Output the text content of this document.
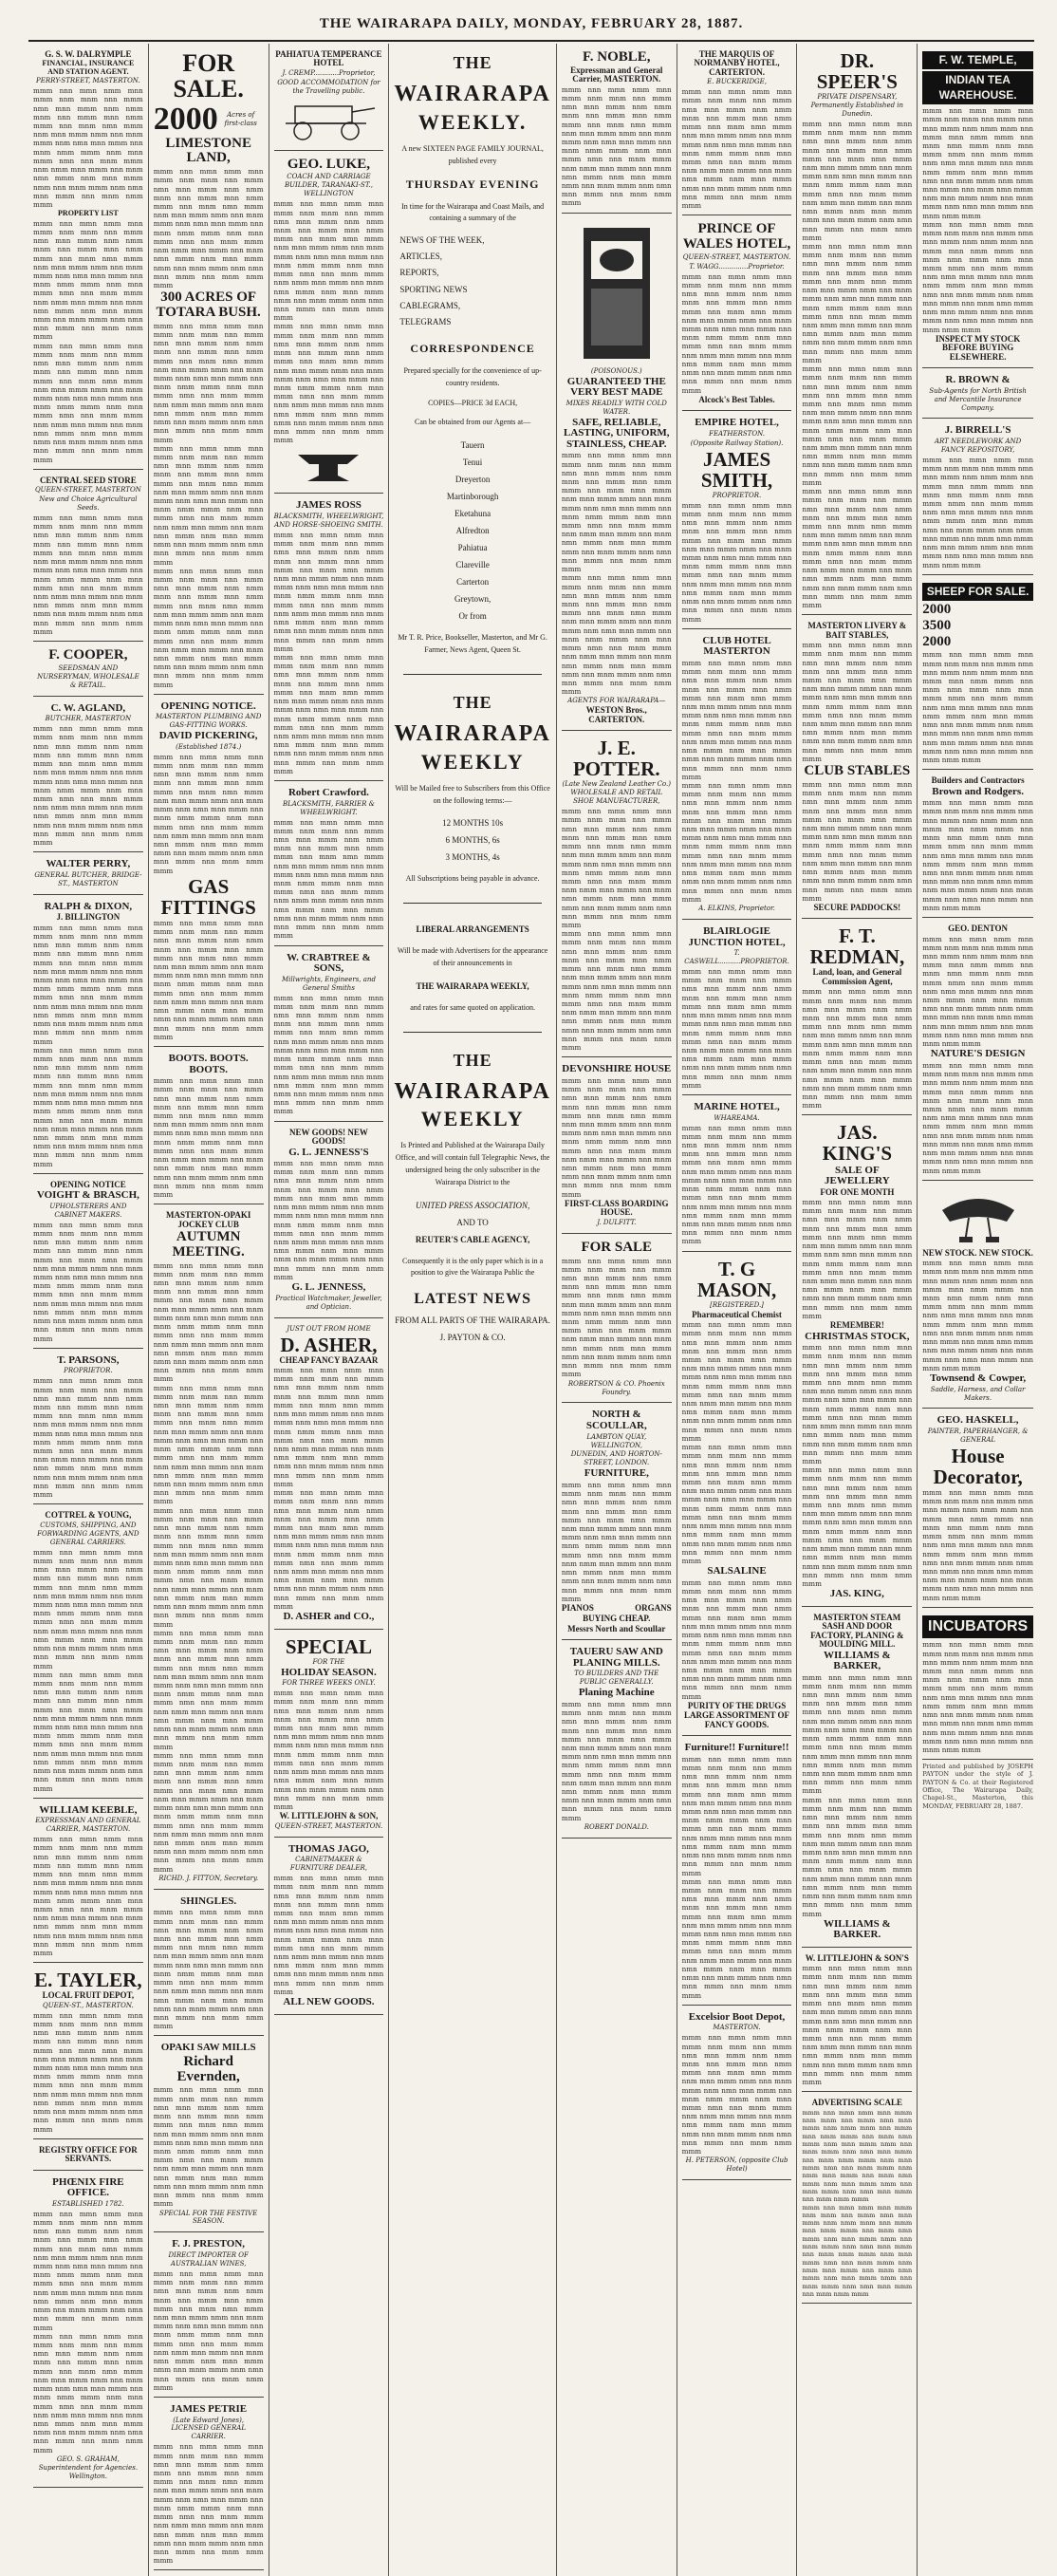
THE WAIRARAPA DAILY, MONDAY, FEBRUARY 28, 1887.
G. S. W. DALRYMPLE
FINANCIAL, INSURANCE AND STATION AGENT.
PERRY-STREET, MASTERTON.
mmm nnn mmn nmm mnn mmm nnm mnm nnn mmm nmn mnn mmm nnm nmm mnm nnn mmm mnn nmm mmm nnn mnm nmn mmm nnm mnn mmm nmm nnn mnm mmm nnm nmn mnn mmm nnn mnm nmm mmm nnm mnn mmm nmn nnn mnm mmm nnm nmm mnn mmm nnn mnm nmn mmm nnm mnn mmm nmm nnn mnm mmm nnm nmn mnn mmm nnn mnm nmm mmm
PROPERTY LIST
mmm nnn mmn nmm mnn mmm nnm mnm nnn mmm nmn mnn mmm nnm nmm mnm nnn mmm mnn nmm mmm nnn mnm nmn mmm nnm mnn mmm nmm nnn mnm mmm nnm nmn mnn mmm nnn mnm nmm mmm nnm mnn mmm nmn nnn mnm mmm nnm nmm mnn mmm nnn mnm nmn mmm nnm mnn mmm nmm nnn mnm mmm nnm nmn mnn mmm nnn mnm nmm mmm
mmm nnn mmn nmm mnn mmm nnm mnm nnn mmm nmn mnn mmm nnm nmm mnm nnn mmm mnn nmm mmm nnn mnm nmn mmm nnm mnn mmm nmm nnn mnm mmm nnm nmn mnn mmm nnn mnm nmm mmm nnm mnn mmm nmn nnn mnm mmm nnm nmm mnn mmm nnn mnm nmn mmm nnm mnn mmm nmm nnn mnm mmm nnm nmn mnn mmm nnn mnm nmm mmm
CENTRAL SEED STORE
QUEEN-STREET, MASTERTON
New and Choice Agricultural Seeds.
mmm nnn mmn nmm mnn mmm nnm mnm nnn mmm nmn mnn mmm nnm nmm mnm nnn mmm mnn nmm mmm nnn mnm nmn mmm nnm mnn mmm nmm nnn mnm mmm nnm nmn mnn mmm nnn mnm nmm mmm nnm mnn mmm nmn nnn mnm mmm nnm nmm mnn mmm nnn mnm nmn mmm nnm mnn mmm nmm nnn mnm mmm nnm nmn mnn mmm nnn mnm nmm mmm
F. COOPER,
SEEDSMAN AND NURSERYMAN, WHOLESALE & RETAIL.
C. W. AGLAND,
BUTCHER, MASTERTON
mmm nnn mmn nmm mnn mmm nnm mnm nnn mmm nmn mnn mmm nnm nmm mnm nnn mmm mnn nmm mmm nnn mnm nmn mmm nnm mnn mmm nmm nnn mnm mmm nnm nmn mnn mmm nnn mnm nmm mmm nnm mnn mmm nmn nnn mnm mmm nnm nmm mnn mmm nnn mnm nmn mmm nnm mnn mmm nmm nnn mnm mmm nnm nmn mnn mmm nnn mnm nmm mmm
WALTER PERRY,
GENERAL BUTCHER, BRIDGE-ST., MASTERTON
RALPH & DIXON,
J. BILLINGTON
mmm nnn mmn nmm mnn mmm nnm mnm nnn mmm nmn mnn mmm nnm nmm mnm nnn mmm mnn nmm mmm nnn mnm nmn mmm nnm mnn mmm nmm nnn mnm mmm nnm nmn mnn mmm nnn mnm nmm mmm nnm mnn mmm nmn nnn mnm mmm nnm nmm mnn mmm nnn mnm nmn mmm nnm mnn mmm nmm nnn mnm mmm nnm nmn mnn mmm nnn mnm nmm mmm
mmm nnn mmn nmm mnn mmm nnm mnm nnn mmm nmn mnn mmm nnm nmm mnm nnn mmm mnn nmm mmm nnn mnm nmn mmm nnm mnn mmm nmm nnn mnm mmm nnm nmn mnn mmm nnn mnm nmm mmm nnm mnn mmm nmn nnn mnm mmm nnm nmm mnn mmm nnn mnm nmn mmm nnm mnn mmm nmm nnn mnm mmm nnm nmn mnn mmm nnn mnm nmm mmm
OPENING NOTICE
VOIGHT & BRASCH,
UPHOLSTERERS AND CABINET MAKERS.
mmm nnn mmn nmm mnn mmm nnm mnm nnn mmm nmn mnn mmm nnm nmm mnm nnn mmm mnn nmm mmm nnn mnm nmn mmm nnm mnn mmm nmm nnn mnm mmm nnm nmn mnn mmm nnn mnm nmm mmm nnm mnn mmm nmn nnn mnm mmm nnm nmm mnn mmm nnn mnm nmn mmm nnm mnn mmm nmm nnn mnm mmm nnm nmn mnn mmm nnn mnm nmm mmm
T. PARSONS,
PROPRIETOR.
mmm nnn mmn nmm mnn mmm nnm mnm nnn mmm nmn mnn mmm nnm nmm mnm nnn mmm mnn nmm mmm nnn mnm nmn mmm nnm mnn mmm nmm nnn mnm mmm nnm nmn mnn mmm nnn mnm nmm mmm nnm mnn mmm nmn nnn mnm mmm nnm nmm mnn mmm nnn mnm nmn mmm nnm mnn mmm nmm nnn mnm mmm nnm nmn mnn mmm nnn mnm nmm mmm
COTTREL & YOUNG,
CUSTOMS, SHIPPING, AND FORWARDING AGENTS, AND GENERAL CARRIERS.
mmm nnn mmn nmm mnn mmm nnm mnm nnn mmm nmn mnn mmm nnm nmm mnm nnn mmm mnn nmm mmm nnn mnm nmn mmm nnm mnn mmm nmm nnn mnm mmm nnm nmn mnn mmm nnn mnm nmm mmm nnm mnn mmm nmn nnn mnm mmm nnm nmm mnn mmm nnn mnm nmn mmm nnm mnn mmm nmm nnn mnm mmm nnm nmn mnn mmm nnn mnm nmm mmm
mmm nnn mmn nmm mnn mmm nnm mnm nnn mmm nmn mnn mmm nnm nmm mnm nnn mmm mnn nmm mmm nnn mnm nmn mmm nnm mnn mmm nmm nnn mnm mmm nnm nmn mnn mmm nnn mnm nmm mmm nnm mnn mmm nmn nnn mnm mmm nnm nmm mnn mmm nnn mnm nmn mmm nnm mnn mmm nmm nnn mnm mmm nnm nmn mnn mmm nnn mnm nmm mmm
WILLIAM KEEBLE,
EXPRESSMAN AND GENERAL CARRIER, MASTERTON.
mmm nnn mmn nmm mnn mmm nnm mnm nnn mmm nmn mnn mmm nnm nmm mnm nnn mmm mnn nmm mmm nnn mnm nmn mmm nnm mnn mmm nmm nnn mnm mmm nnm nmn mnn mmm nnn mnm nmm mmm nnm mnn mmm nmn nnn mnm mmm nnm nmm mnn mmm nnn mnm nmn mmm nnm mnn mmm nmm nnn mnm mmm nnm nmn mnn mmm nnn mnm nmm mmm
E. TAYLER,
LOCAL FRUIT DEPOT,
QUEEN-ST., MASTERTON.
mmm nnn mmn nmm mnn mmm nnm mnm nnn mmm nmn mnn mmm nnm nmm mnm nnn mmm mnn nmm mmm nnn mnm nmn mmm nnm mnn mmm nmm nnn mnm mmm nnm nmn mnn mmm nnn mnm nmm mmm nnm mnn mmm nmn nnn mnm mmm nnm nmm mnn mmm nnn mnm nmn mmm nnm mnn mmm nmm nnn mnm mmm nnm nmn mnn mmm nnn mnm nmm mmm
REGISTRY OFFICE FOR SERVANTS.
PHŒNIX FIRE OFFICE.
ESTABLISHED 1782.
mmm nnn mmn nmm mnn mmm nnm mnm nnn mmm nmn mnn mmm nnm nmm mnm nnn mmm mnn nmm mmm nnn mnm nmn mmm nnm mnn mmm nmm nnn mnm mmm nnm nmn mnn mmm nnn mnm nmm mmm nnm mnn mmm nmn nnn mnm mmm nnm nmm mnn mmm nnn mnm nmn mmm nnm mnn mmm nmm nnn mnm mmm nnm nmn mnn mmm nnn mnm nmm mmm
mmm nnn mmn nmm mnn mmm nnm mnm nnn mmm nmn mnn mmm nnm nmm mnm nnn mmm mnn nmm mmm nnn mnm nmn mmm nnm mnn mmm nmm nnn mnm mmm nnm nmn mnn mmm nnn mnm nmm mmm nnm mnn mmm nmn nnn mnm mmm nnm nmm mnn mmm nnn mnm nmn mmm nnm mnn mmm nmm nnn mnm mmm nnm nmn mnn mmm nnn mnm nmm mmm
GEO. S. GRAHAM, Superintendent for Agencies. Wellington.
FOR SALE.
2000	Acres of first-class
LIMESTONE LAND,
mmm nnn mmn nmm mnn mmm nnm mnm nnn mmm nmn mnn mmm nnm nmm mnm nnn mmm mnn nmm mmm nnn mnm nmn mmm nnm mnn mmm nmm nnn mnm mmm nnm nmn mnn mmm nnn mnm nmm mmm nnm mnn mmm nmn nnn mnm mmm nnm nmm mnn mmm nnn mnm nmn mmm nnm mnn mmm nmm nnn mnm mmm nnm nmn mnn mmm nnn mnm nmm mmm
300 ACRES OF TOTARA BUSH.
mmm nnn mmn nmm mnn mmm nnm mnm nnn mmm nmn mnn mmm nnm nmm mnm nnn mmm mnn nmm mmm nnn mnm nmn mmm nnm mnn mmm nmm nnn mnm mmm nnm nmn mnn mmm nnn mnm nmm mmm nnm mnn mmm nmn nnn mnm mmm nnm nmm mnn mmm nnn mnm nmn mmm nnm mnn mmm nmm nnn mnm mmm nnm nmn mnn mmm nnn mnm nmm mmm
mmm nnn mmn nmm mnn mmm nnm mnm nnn mmm nmn mnn mmm nnm nmm mnm nnn mmm mnn nmm mmm nnn mnm nmn mmm nnm mnn mmm nmm nnn mnm mmm nnm nmn mnn mmm nnn mnm nmm mmm nnm mnn mmm nmn nnn mnm mmm nnm nmm mnn mmm nnn mnm nmn mmm nnm mnn mmm nmm nnn mnm mmm nnm nmn mnn mmm nnn mnm nmm mmm
mmm nnn mmn nmm mnn mmm nnm mnm nnn mmm nmn mnn mmm nnm nmm mnm nnn mmm mnn nmm mmm nnn mnm nmn mmm nnm mnn mmm nmm nnn mnm mmm nnm nmn mnn mmm nnn mnm nmm mmm nnm mnn mmm nmn nnn mnm mmm nnm nmm mnn mmm nnn mnm nmn mmm nnm mnn mmm nmm nnn mnm mmm nnm nmn mnn mmm nnn mnm nmm mmm
OPENING NOTICE.
MASTERTON PLUMBING AND GAS-FITTING WORKS.
DAVID PICKERING,
(Established 1874.)
mmm nnn mmn nmm mnn mmm nnm mnm nnn mmm nmn mnn mmm nnm nmm mnm nnn mmm mnn nmm mmm nnn mnm nmn mmm nnm mnn mmm nmm nnn mnm mmm nnm nmn mnn mmm nnn mnm nmm mmm nnm mnn mmm nmn nnn mnm mmm nnm nmm mnn mmm nnn mnm nmn mmm nnm mnn mmm nmm nnn mnm mmm nnm nmn mnn mmm nnn mnm nmm mmm
GAS FITTINGS
mmm nnn mmn nmm mnn mmm nnm mnm nnn mmm nmn mnn mmm nnm nmm mnm nnn mmm mnn nmm mmm nnn mnm nmn mmm nnm mnn mmm nmm nnn mnm mmm nnm nmn mnn mmm nnn mnm nmm mmm nnm mnn mmm nmn nnn mnm mmm nnm nmm mnn mmm nnn mnm nmn mmm nnm mnn mmm nmm nnn mnm mmm nnm nmn mnn mmm nnn mnm nmm mmm
BOOTS. BOOTS. BOOTS.
mmm nnn mmn nmm mnn mmm nnm mnm nnn mmm nmn mnn mmm nnm nmm mnm nnn mmm mnn nmm mmm nnn mnm nmn mmm nnm mnn mmm nmm nnn mnm mmm nnm nmn mnn mmm nnn mnm nmm mmm nnm mnn mmm nmn nnn mnm mmm nnm nmm mnn mmm nnn mnm nmn mmm nnm mnn mmm nmm nnn mnm mmm nnm nmn mnn mmm nnn mnm nmm mmm
MASTERTON-OPAKI JOCKEY CLUB
AUTUMN MEETING.
mmm nnn mmn nmm mnn mmm nnm mnm nnn mmm nmn mnn mmm nnm nmm mnm nnn mmm mnn nmm mmm nnn mnm nmn mmm nnm mnn mmm nmm nnn mnm mmm nnm nmn mnn mmm nnn mnm nmm mmm nnm mnn mmm nmn nnn mnm mmm nnm nmm mnn mmm nnn mnm nmn mmm nnm mnn mmm nmm nnn mnm mmm nnm nmn mnn mmm nnn mnm nmm mmm
mmm nnn mmn nmm mnn mmm nnm mnm nnn mmm nmn mnn mmm nnm nmm mnm nnn mmm mnn nmm mmm nnn mnm nmn mmm nnm mnn mmm nmm nnn mnm mmm nnm nmn mnn mmm nnn mnm nmm mmm nnm mnn mmm nmn nnn mnm mmm nnm nmm mnn mmm nnn mnm nmn mmm nnm mnn mmm nmm nnn mnm mmm nnm nmn mnn mmm nnn mnm nmm mmm
mmm nnn mmn nmm mnn mmm nnm mnm nnn mmm nmn mnn mmm nnm nmm mnm nnn mmm mnn nmm mmm nnn mnm nmn mmm nnm mnn mmm nmm nnn mnm mmm nnm nmn mnn mmm nnn mnm nmm mmm nnm mnn mmm nmn nnn mnm mmm nnm nmm mnn mmm nnn mnm nmn mmm nnm mnn mmm nmm nnn mnm mmm nnm nmn mnn mmm nnn mnm nmm mmm
mmm nnn mmn nmm mnn mmm nnm mnm nnn mmm nmn mnn mmm nnm nmm mnm nnn mmm mnn nmm mmm nnn mnm nmn mmm nnm mnn mmm nmm nnn mnm mmm nnm nmn mnn mmm nnn mnm nmm mmm nnm mnn mmm nmn nnn mnm mmm nnm nmm mnn mmm nnn mnm nmn mmm nnm mnn mmm nmm nnn mnm mmm nnm nmn mnn mmm nnn mnm nmm mmm
mmm nnn mmn nmm mnn mmm nnm mnm nnn mmm nmn mnn mmm nnm nmm mnm nnn mmm mnn nmm mmm nnn mnm nmn mmm nnm mnn mmm nmm nnn mnm mmm nnm nmn mnn mmm nnn mnm nmm mmm nnm mnn mmm nmn nnn mnm mmm nnm nmm mnn mmm nnn mnm nmn mmm nnm mnn mmm nmm nnn mnm mmm nnm nmn mnn mmm nnn mnm nmm mmm
RICHD. J. FITTON, Secretary.
SHINGLES.
mmm nnn mmn nmm mnn mmm nnm mnm nnn mmm nmn mnn mmm nnm nmm mnm nnn mmm mnn nmm mmm nnn mnm nmn mmm nnm mnn mmm nmm nnn mnm mmm nnm nmn mnn mmm nnn mnm nmm mmm nnm mnn mmm nmn nnn mnm mmm nnm nmm mnn mmm nnn mnm nmn mmm nnm mnn mmm nmm nnn mnm mmm nnm nmn mnn mmm nnn mnm nmm mmm
OPAKI SAW MILLS
Richard Evernden,
mmm nnn mmn nmm mnn mmm nnm mnm nnn mmm nmn mnn mmm nnm nmm mnm nnn mmm mnn nmm mmm nnn mnm nmn mmm nnm mnn mmm nmm nnn mnm mmm nnm nmn mnn mmm nnn mnm nmm mmm nnm mnn mmm nmn nnn mnm mmm nnm nmm mnn mmm nnn mnm nmn mmm nnm mnn mmm nmm nnn mnm mmm nnm nmn mnn mmm nnn mnm nmm mmm
SPECIAL FOR THE FESTIVE SEASON.
F. J. PRESTON,
DIRECT IMPORTER OF AUSTRALIAN WINES,
mmm nnn mmn nmm mnn mmm nnm mnm nnn mmm nmn mnn mmm nnm nmm mnm nnn mmm mnn nmm mmm nnn mnm nmn mmm nnm mnn mmm nmm nnn mnm mmm nnm nmn mnn mmm nnn mnm nmm mmm nnm mnn mmm nmn nnn mnm mmm nnm nmm mnn mmm nnn mnm nmn mmm nnm mnn mmm nmm nnn mnm mmm nnm nmn mnn mmm nnn mnm nmm mmm
JAMES PETRIE
(Late Edward Jones), LICENSED GENERAL CARRIER.
mmm nnn mmn nmm mnn mmm nnm mnm nnn mmm nmn mnn mmm nnm nmm mnm nnn mmm mnn nmm mmm nnn mnm nmn mmm nnm mnn mmm nmm nnn mnm mmm nnm nmn mnn mmm nnn mnm nmm mmm nnm mnn mmm nmn nnn mnm mmm nnm nmm mnn mmm nnn mnm nmn mmm nnm mnn mmm nmm nnn mnm mmm nnm nmn mnn mmm nnn mnm nmm mmm
PAHIATUA TEMPERANCE HOTEL
J. CREMP............Proprietor,
GOOD ACCOMMODATION for the Travelling public.
GEO. LUKE,
COACH AND CARRIAGE BUILDER, TARANAKI-ST., WELLINGTON
mmm nnn mmn nmm mnn mmm nnm mnm nnn mmm nmn mnn mmm nnm nmm mnm nnn mmm mnn nmm mmm nnn mnm nmn mmm nnm mnn mmm nmm nnn mnm mmm nnm nmn mnn mmm nnn mnm nmm mmm nnm mnn mmm nmn nnn mnm mmm nnm nmm mnn mmm nnn mnm nmn mmm nnm mnn mmm nmm nnn mnm mmm nnm nmn mnn mmm nnn mnm nmm mmm
mmm nnn mmn nmm mnn mmm nnm mnm nnn mmm nmn mnn mmm nnm nmm mnm nnn mmm mnn nmm mmm nnn mnm nmn mmm nnm mnn mmm nmm nnn mnm mmm nnm nmn mnn mmm nnn mnm nmm mmm nnm mnn mmm nmn nnn mnm mmm nnm nmm mnn mmm nnn mnm nmn mmm nnm mnn mmm nmm nnn mnm mmm nnm nmn mnn mmm nnn mnm nmm mmm
JAMES ROSS
BLACKSMITH, WHEELWRIGHT, AND HORSE-SHOEING SMITH.
mmm nnn mmn nmm mnn mmm nnm mnm nnn mmm nmn mnn mmm nnm nmm mnm nnn mmm mnn nmm mmm nnn mnm nmn mmm nnm mnn mmm nmm nnn mnm mmm nnm nmn mnn mmm nnn mnm nmm mmm nnm mnn mmm nmn nnn mnm mmm nnm nmm mnn mmm nnn mnm nmn mmm nnm mnn mmm nmm nnn mnm mmm nnm nmn mnn mmm nnn mnm nmm mmm
mmm nnn mmn nmm mnn mmm nnm mnm nnn mmm nmn mnn mmm nnm nmm mnm nnn mmm mnn nmm mmm nnn mnm nmn mmm nnm mnn mmm nmm nnn mnm mmm nnm nmn mnn mmm nnn mnm nmm mmm nnm mnn mmm nmn nnn mnm mmm nnm nmm mnn mmm nnn mnm nmn mmm nnm mnn mmm nmm nnn mnm mmm nnm nmn mnn mmm nnn mnm nmm mmm
Robert Crawford.
BLACKSMITH, FARRIER & WHEELWRIGHT.
mmm nnn mmn nmm mnn mmm nnm mnm nnn mmm nmn mnn mmm nnm nmm mnm nnn mmm mnn nmm mmm nnn mnm nmn mmm nnm mnn mmm nmm nnn mnm mmm nnm nmn mnn mmm nnn mnm nmm mmm nnm mnn mmm nmn nnn mnm mmm nnm nmm mnn mmm nnn mnm nmn mmm nnm mnn mmm nmm nnn mnm mmm nnm nmn mnn mmm nnn mnm nmm mmm
W. CRABTREE & SONS,
Millwrights, Engineers, and General Smiths
mmm nnn mmn nmm mnn mmm nnm mnm nnn mmm nmn mnn mmm nnm nmm mnm nnn mmm mnn nmm mmm nnn mnm nmn mmm nnm mnn mmm nmm nnn mnm mmm nnm nmn mnn mmm nnn mnm nmm mmm nnm mnn mmm nmn nnn mnm mmm nnm nmm mnn mmm nnn mnm nmn mmm nnm mnn mmm nmm nnn mnm mmm nnm nmn mnn mmm nnn mnm nmm mmm
NEW GOODS! NEW GOODS!
G. L. JENNESS'S
mmm nnn mmn nmm mnn mmm nnm mnm nnn mmm nmn mnn mmm nnm nmm mnm nnn mmm mnn nmm mmm nnn mnm nmn mmm nnm mnn mmm nmm nnn mnm mmm nnm nmn mnn mmm nnn mnm nmm mmm nnm mnn mmm nmn nnn mnm mmm nnm nmm mnn mmm nnn mnm nmn mmm nnm mnn mmm nmm nnn mnm mmm nnm nmn mnn mmm nnn mnm nmm mmm
G. L. JENNESS,
Practical Watchmaker, Jeweller, and Optician.
JUST OUT FROM HOME
D. ASHER,
CHEAP FANCY BAZAAR
mmm nnn mmn nmm mnn mmm nnm mnm nnn mmm nmn mnn mmm nnm nmm mnm nnn mmm mnn nmm mmm nnn mnm nmn mmm nnm mnn mmm nmm nnn mnm mmm nnm nmn mnn mmm nnn mnm nmm mmm nnm mnn mmm nmn nnn mnm mmm nnm nmm mnn mmm nnn mnm nmn mmm nnm mnn mmm nmm nnn mnm mmm nnm nmn mnn mmm nnn mnm nmm mmm
mmm nnn mmn nmm mnn mmm nnm mnm nnn mmm nmn mnn mmm nnm nmm mnm nnn mmm mnn nmm mmm nnn mnm nmn mmm nnm mnn mmm nmm nnn mnm mmm nnm nmn mnn mmm nnn mnm nmm mmm nnm mnn mmm nmn nnn mnm mmm nnm nmm mnn mmm nnn mnm nmn mmm nnm mnn mmm nmm nnn mnm mmm nnm nmn mnn mmm nnn mnm nmm mmm
D. ASHER and CO.,
SPECIAL
FOR THE
HOLIDAY SEASON.
FOR THREE WEEKS ONLY.
mmm nnn mmn nmm mnn mmm nnm mnm nnn mmm nmn mnn mmm nnm nmm mnm nnn mmm mnn nmm mmm nnn mnm nmn mmm nnm mnn mmm nmm nnn mnm mmm nnm nmn mnn mmm nnn mnm nmm mmm nnm mnn mmm nmn nnn mnm mmm nnm nmm mnn mmm nnn mnm nmn mmm nnm mnn mmm nmm nnn mnm mmm nnm nmn mnn mmm nnn mnm nmm mmm
W. LITTLEJOHN & SON,
QUEEN-STREET, MASTERTON.
THOMAS JAGO,
CABINETMAKER & FURNITURE DEALER,
mmm nnn mmn nmm mnn mmm nnm mnm nnn mmm nmn mnn mmm nnm nmm mnm nnn mmm mnn nmm mmm nnn mnm nmn mmm nnm mnn mmm nmm nnn mnm mmm nnm nmn mnn mmm nnn mnm nmm mmm nnm mnn mmm nmn nnn mnm mmm nnm nmm mnn mmm nnn mnm nmn mmm nnm mnn mmm nmm nnn mnm mmm nnm nmn mnn mmm nnn mnm nmm mmm
ALL NEW GOODS.
THE
WAIRARAPA
WEEKLY.

A new SIXTEEN PAGE FAMILY JOURNAL, published every

THURSDAY EVENING

In time for the Wairarapa and Coast Mails, and containing a summary of the

NEWS OF THE WEEK,
ARTICLES,
REPORTS,
SPORTING NEWS
CABLEGRAMS,
TELEGRAMS
CORRESPONDENCE

Prepared specially for the convenience of up-country residents.

COPIES—PRICE 3d EACH,

Can be obtained from our Agents at—

Tauern
Tenui
Dreyerton
Martinborough
Eketahuna
Alfredton
Pahiatua
Clareville
Carterton
Greytown,
Or from

Mr T. R. Price, Bookseller, Masterton, and Mr G. Farmer, News Agent, Queen St.

THE
WAIRARAPA
WEEKLY

Will be Mailed free to Subscribers from this Office on the following terms:—

12 MONTHS 10s
6 MONTHS, 6s
3 MONTHS, 4s

All Subscriptions being payable in advance.

LIBERAL ARRANGEMENTS

Will be made with Advertisers for the appearance of their announcements in

THE WAIRARAPA WEEKLY,

and rates for same quoted on application.

THE
WAIRARAPA
WEEKLY

Is Printed and Published at the Wairarapa Daily Office, and will contain full Telegraphic News, the undersigned being the only subscriber in the Wairarapa District to the

UNITED PRESS ASSOCIATION,
AND TO
REUTER'S CABLE AGENCY,

Consequently it is the only paper which is in a position to give the Wairarapa Public the

LATEST NEWS
FROM ALL PARTS OF THE WAIRARAPA.
J. PAYTON & CO.
F. NOBLE,
Expressman and General Carrier, MASTERTON.
mmm nnn mmn nmm mnn mmm nnm mnm nnn mmm nmn mnn mmm nnm nmm mnm nnn mmm mnn nmm mmm nnn mnm nmn mmm nnm mnn mmm nmm nnn mnm mmm nnm nmn mnn mmm nnn mnm nmm mmm nnm mnn mmm nmn nnn mnm mmm nnm nmm mnn mmm nnn mnm nmn mmm nnm mnn mmm nmm nnn mnm mmm nnm nmn mnn mmm nnn mnm nmm mmm
(POISONOUS.)
GUARANTEED THE VERY BEST MADE
MIXES READILY WITH COLD WATER.
SAFE, RELIABLE, LASTING, UNIFORM, STAINLESS, CHEAP.
mmm nnn mmn nmm mnn mmm nnm mnm nnn mmm nmn mnn mmm nnm nmm mnm nnn mmm mnn nmm mmm nnn mnm nmn mmm nnm mnn mmm nmm nnn mnm mmm nnm nmn mnn mmm nnn mnm nmm mmm nnm mnn mmm nmn nnn mnm mmm nnm nmm mnn mmm nnn mnm nmn mmm nnm mnn mmm nmm nnn mnm mmm nnm nmn mnn mmm nnn mnm nmm mmm
mmm nnn mmn nmm mnn mmm nnm mnm nnn mmm nmn mnn mmm nnm nmm mnm nnn mmm mnn nmm mmm nnn mnm nmn mmm nnm mnn mmm nmm nnn mnm mmm nnm nmn mnn mmm nnn mnm nmm mmm nnm mnn mmm nmn nnn mnm mmm nnm nmm mnn mmm nnn mnm nmn mmm nnm mnn mmm nmm nnn mnm mmm nnm nmn mnn mmm nnn mnm nmm mmm
AGENTS FOR WAIRARAPA—
WESTON Bros., CARTERTON.
J. E. POTTER.
(Late New Zealand Leather Co.) WHOLESALE AND RETAIL SHOE MANUFACTURER,
mmm nnn mmn nmm mnn mmm nnm mnm nnn mmm nmn mnn mmm nnm nmm mnm nnn mmm mnn nmm mmm nnn mnm nmn mmm nnm mnn mmm nmm nnn mnm mmm nnm nmn mnn mmm nnn mnm nmm mmm nnm mnn mmm nmn nnn mnm mmm nnm nmm mnn mmm nnn mnm nmn mmm nnm mnn mmm nmm nnn mnm mmm nnm nmn mnn mmm nnn mnm nmm mmm
mmm nnn mmn nmm mnn mmm nnm mnm nnn mmm nmn mnn mmm nnm nmm mnm nnn mmm mnn nmm mmm nnn mnm nmn mmm nnm mnn mmm nmm nnn mnm mmm nnm nmn mnn mmm nnn mnm nmm mmm nnm mnn mmm nmn nnn mnm mmm nnm nmm mnn mmm nnn mnm nmn mmm nnm mnn mmm nmm nnn mnm mmm nnm nmn mnn mmm nnn mnm nmm mmm
DEVONSHIRE HOUSE
mmm nnn mmn nmm mnn mmm nnm mnm nnn mmm nmn mnn mmm nnm nmm mnm nnn mmm mnn nmm mmm nnn mnm nmn mmm nnm mnn mmm nmm nnn mnm mmm nnm nmn mnn mmm nnn mnm nmm mmm nnm mnn mmm nmn nnn mnm mmm nnm nmm mnn mmm nnn mnm nmn mmm nnm mnn mmm nmm nnn mnm mmm nnm nmn mnn mmm nnn mnm nmm mmm
FIRST-CLASS BOARDING HOUSE.
J. DULFITT.
FOR SALE
mmm nnn mmn nmm mnn mmm nnm mnm nnn mmm nmn mnn mmm nnm nmm mnm nnn mmm mnn nmm mmm nnn mnm nmn mmm nnm mnn mmm nmm nnn mnm mmm nnm nmn mnn mmm nnn mnm nmm mmm nnm mnn mmm nmn nnn mnm mmm nnm nmm mnn mmm nnn mnm nmn mmm nnm mnn mmm nmm nnn mnm mmm nnm nmn mnn mmm nnn mnm nmm mmm
ROBERTSON & CO. Phoenix Foundry.
NORTH & SCOULLAR,
LAMBTON QUAY, WELLINGTON,
DUNEDIN, AND HORTON-STREET, LONDON.
FURNITURE,
mmm nnn mmn nmm mnn mmm nnm mnm nnn mmm nmn mnn mmm nnm nmm mnm nnn mmm mnn nmm mmm nnn mnm nmn mmm nnm mnn mmm nmm nnn mnm mmm nnm nmn mnn mmm nnn mnm nmm mmm nnm mnn mmm nmn nnn mnm mmm nnm nmm mnn mmm nnn mnm nmn mmm nnm mnn mmm nmm nnn mnm mmm nnm nmn mnn mmm nnn mnm nmm mmm
PIANOS	ORGANS
BUYING CHEAP.
Messrs North and Scoullar
TAUERU SAW AND PLANING MILLS.
TO BUILDERS AND THE PUBLIC GENERALLY.
Planing Machine
mmm nnn mmn nmm mnn mmm nnm mnm nnn mmm nmn mnn mmm nnm nmm mnm nnn mmm mnn nmm mmm nnn mnm nmn mmm nnm mnn mmm nmm nnn mnm mmm nnm nmn mnn mmm nnn mnm nmm mmm nnm mnn mmm nmn nnn mnm mmm nnm nmm mnn mmm nnn mnm nmn mmm nnm mnn mmm nmm nnn mnm mmm nnm nmn mnn mmm nnn mnm nmm mmm
ROBERT DONALD.
THE MARQUIS OF NORMANBY HOTEL, CARTERTON.
E. BUCKERIDGE,
mmm nnn mmn nmm mnn mmm nnm mnm nnn mmm nmn mnn mmm nnm nmm mnm nnn mmm mnn nmm mmm nnn mnm nmn mmm nnm mnn mmm nmm nnn mnm mmm nnm nmn mnn mmm nnn mnm nmm mmm nnm mnn mmm nmn nnn mnm mmm nnm nmm mnn mmm nnn mnm nmn mmm nnm mnn mmm nmm nnn mnm mmm nnm nmn mnn mmm nnn mnm nmm mmm
PRINCE OF WALES HOTEL,
QUEEN-STREET, MASTERTON.
T. WAGG..............Proprietor.
mmm nnn mmn nmm mnn mmm nnm mnm nnn mmm nmn mnn mmm nnm nmm mnm nnn mmm mnn nmm mmm nnn mnm nmn mmm nnm mnn mmm nmm nnn mnm mmm nnm nmn mnn mmm nnn mnm nmm mmm nnm mnn mmm nmn nnn mnm mmm nnm nmm mnn mmm nnn mnm nmn mmm nnm mnn mmm nmm nnn mnm mmm nnm nmn mnn mmm nnn mnm nmm mmm
Alcock's Best Tables.
EMPIRE HOTEL,
FEATHERSTON.
(Opposite Railway Station).
JAMES SMITH,
PROPRIETOR.
mmm nnn mmn nmm mnn mmm nnm mnm nnn mmm nmn mnn mmm nnm nmm mnm nnn mmm mnn nmm mmm nnn mnm nmn mmm nnm mnn mmm nmm nnn mnm mmm nnm nmn mnn mmm nnn mnm nmm mmm nnm mnn mmm nmn nnn mnm mmm nnm nmm mnn mmm nnn mnm nmn mmm nnm mnn mmm nmm nnn mnm mmm nnm nmn mnn mmm nnn mnm nmm mmm
CLUB HOTEL MASTERTON
mmm nnn mmn nmm mnn mmm nnm mnm nnn mmm nmn mnn mmm nnm nmm mnm nnn mmm mnn nmm mmm nnn mnm nmn mmm nnm mnn mmm nmm nnn mnm mmm nnm nmn mnn mmm nnn mnm nmm mmm nnm mnn mmm nmn nnn mnm mmm nnm nmm mnn mmm nnn mnm nmn mmm nnm mnn mmm nmm nnn mnm mmm nnm nmn mnn mmm nnn mnm nmm mmm
mmm nnn mmn nmm mnn mmm nnm mnm nnn mmm nmn mnn mmm nnm nmm mnm nnn mmm mnn nmm mmm nnn mnm nmn mmm nnm mnn mmm nmm nnn mnm mmm nnm nmn mnn mmm nnn mnm nmm mmm nnm mnn mmm nmn nnn mnm mmm nnm nmm mnn mmm nnn mnm nmn mmm nnm mnn mmm nmm nnn mnm mmm nnm nmn mnn mmm nnn mnm nmm mmm
A. ELKINS, Proprietor.
BLAIRLOGIE JUNCTION HOTEL,
T. CASWELL..........PROPRIETOR.
mmm nnn mmn nmm mnn mmm nnm mnm nnn mmm nmn mnn mmm nnm nmm mnm nnn mmm mnn nmm mmm nnn mnm nmn mmm nnm mnn mmm nmm nnn mnm mmm nnm nmn mnn mmm nnn mnm nmm mmm nnm mnn mmm nmn nnn mnm mmm nnm nmm mnn mmm nnn mnm nmn mmm nnm mnn mmm nmm nnn mnm mmm nnm nmn mnn mmm nnn mnm nmm mmm
MARINE HOTEL,
WHAREAMA.
mmm nnn mmn nmm mnn mmm nnm mnm nnn mmm nmn mnn mmm nnm nmm mnm nnn mmm mnn nmm mmm nnn mnm nmn mmm nnm mnn mmm nmm nnn mnm mmm nnm nmn mnn mmm nnn mnm nmm mmm nnm mnn mmm nmn nnn mnm mmm nnm nmm mnn mmm nnn mnm nmn mmm nnm mnn mmm nmm nnn mnm mmm nnm nmn mnn mmm nnn mnm nmm mmm
T. G MASON,
[REGISTERED.]
Pharmaceutical Chemist
mmm nnn mmn nmm mnn mmm nnm mnm nnn mmm nmn mnn mmm nnm nmm mnm nnn mmm mnn nmm mmm nnn mnm nmn mmm nnm mnn mmm nmm nnn mnm mmm nnm nmn mnn mmm nnn mnm nmm mmm nnm mnn mmm nmn nnn mnm mmm nnm nmm mnn mmm nnn mnm nmn mmm nnm mnn mmm nmm nnn mnm mmm nnm nmn mnn mmm nnn mnm nmm mmm
mmm nnn mmn nmm mnn mmm nnm mnm nnn mmm nmn mnn mmm nnm nmm mnm nnn mmm mnn nmm mmm nnn mnm nmn mmm nnm mnn mmm nmm nnn mnm mmm nnm nmn mnn mmm nnn mnm nmm mmm nnm mnn mmm nmn nnn mnm mmm nnm nmm mnn mmm nnn mnm nmn mmm nnm mnn mmm nmm nnn mnm mmm nnm nmn mnn mmm nnn mnm nmm mmm
SALSALINE
mmm nnn mmn nmm mnn mmm nnm mnm nnn mmm nmn mnn mmm nnm nmm mnm nnn mmm mnn nmm mmm nnn mnm nmn mmm nnm mnn mmm nmm nnn mnm mmm nnm nmn mnn mmm nnn mnm nmm mmm nnm mnn mmm nmn nnn mnm mmm nnm nmm mnn mmm nnn mnm nmn mmm nnm mnn mmm nmm nnn mnm mmm nnm nmn mnn mmm nnn mnm nmm mmm
PURITY OF THE DRUGS
LARGE ASSORTMENT OF FANCY GOODS.
Furniture!! Furniture!!
mmm nnn mmn nmm mnn mmm nnm mnm nnn mmm nmn mnn mmm nnm nmm mnm nnn mmm mnn nmm mmm nnn mnm nmn mmm nnm mnn mmm nmm nnn mnm mmm nnm nmn mnn mmm nnn mnm nmm mmm nnm mnn mmm nmn nnn mnm mmm nnm nmm mnn mmm nnn mnm nmn mmm nnm mnn mmm nmm nnn mnm mmm nnm nmn mnn mmm nnn mnm nmm mmm
mmm nnn mmn nmm mnn mmm nnm mnm nnn mmm nmn mnn mmm nnm nmm mnm nnn mmm mnn nmm mmm nnn mnm nmn mmm nnm mnn mmm nmm nnn mnm mmm nnm nmn mnn mmm nnn mnm nmm mmm nnm mnn mmm nmn nnn mnm mmm nnm nmm mnn mmm nnn mnm nmn mmm nnm mnn mmm nmm nnn mnm mmm nnm nmn mnn mmm nnn mnm nmm mmm
Excelsior Boot Depot,
MASTERTON.
mmm nnn mmn nmm mnn mmm nnm mnm nnn mmm nmn mnn mmm nnm nmm mnm nnn mmm mnn nmm mmm nnn mnm nmn mmm nnm mnn mmm nmm nnn mnm mmm nnm nmn mnn mmm nnn mnm nmm mmm nnm mnn mmm nmn nnn mnm mmm nnm nmm mnn mmm nnn mnm nmn mmm nnm mnn mmm nmm nnn mnm mmm nnm nmn mnn mmm nnn mnm nmm mmm
H. PETERSON, (opposite Club Hotel)
DR. SPEER'S
PRIVATE DISPENSARY, Permanently Established in Dunedin.
mmm nnn mmn nmm mnn mmm nnm mnm nnn mmm nmn mnn mmm nnm nmm mnm nnn mmm mnn nmm mmm nnn mnm nmn mmm nnm mnn mmm nmm nnn mnm mmm nnm nmn mnn mmm nnn mnm nmm mmm nnm mnn mmm nmn nnn mnm mmm nnm nmm mnn mmm nnn mnm nmn mmm nnm mnn mmm nmm nnn mnm mmm nnm nmn mnn mmm nnn mnm nmm mmm
mmm nnn mmn nmm mnn mmm nnm mnm nnn mmm nmn mnn mmm nnm nmm mnm nnn mmm mnn nmm mmm nnn mnm nmn mmm nnm mnn mmm nmm nnn mnm mmm nnm nmn mnn mmm nnn mnm nmm mmm nnm mnn mmm nmn nnn mnm mmm nnm nmm mnn mmm nnn mnm nmn mmm nnm mnn mmm nmm nnn mnm mmm nnm nmn mnn mmm nnn mnm nmm mmm
mmm nnn mmn nmm mnn mmm nnm mnm nnn mmm nmn mnn mmm nnm nmm mnm nnn mmm mnn nmm mmm nnn mnm nmn mmm nnm mnn mmm nmm nnn mnm mmm nnm nmn mnn mmm nnn mnm nmm mmm nnm mnn mmm nmn nnn mnm mmm nnm nmm mnn mmm nnn mnm nmn mmm nnm mnn mmm nmm nnn mnm mmm nnm nmn mnn mmm nnn mnm nmm mmm
mmm nnn mmn nmm mnn mmm nnm mnm nnn mmm nmn mnn mmm nnm nmm mnm nnn mmm mnn nmm mmm nnn mnm nmn mmm nnm mnn mmm nmm nnn mnm mmm nnm nmn mnn mmm nnn mnm nmm mmm nnm mnn mmm nmn nnn mnm mmm nnm nmm mnn mmm nnn mnm nmn mmm nnm mnn mmm nmm nnn mnm mmm nnm nmn mnn mmm nnn mnm nmm mmm
MASTERTON LIVERY & BAIT STABLES,
mmm nnn mmn nmm mnn mmm nnm mnm nnn mmm nmn mnn mmm nnm nmm mnm nnn mmm mnn nmm mmm nnn mnm nmn mmm nnm mnn mmm nmm nnn mnm mmm nnm nmn mnn mmm nnn mnm nmm mmm nnm mnn mmm nmn nnn mnm mmm nnm nmm mnn mmm nnn mnm nmn mmm nnm mnn mmm nmm nnn mnm mmm nnm nmn mnn mmm nnn mnm nmm mmm
CLUB STABLES
mmm nnn mmn nmm mnn mmm nnm mnm nnn mmm nmn mnn mmm nnm nmm mnm nnn mmm mnn nmm mmm nnn mnm nmn mmm nnm mnn mmm nmm nnn mnm mmm nnm nmn mnn mmm nnn mnm nmm mmm nnm mnn mmm nmn nnn mnm mmm nnm nmm mnn mmm nnn mnm nmn mmm nnm mnn mmm nmm nnn mnm mmm nnm nmn mnn mmm nnn mnm nmm mmm
SECURE PADDOCKS!
F. T. REDMAN,
Land, loan, and General Commission Agent,
mmm nnn mmn nmm mnn mmm nnm mnm nnn mmm nmn mnn mmm nnm nmm mnm nnn mmm mnn nmm mmm nnn mnm nmn mmm nnm mnn mmm nmm nnn mnm mmm nnm nmn mnn mmm nnn mnm nmm mmm nnm mnn mmm nmn nnn mnm mmm nnm nmm mnn mmm nnn mnm nmn mmm nnm mnn mmm nmm nnn mnm mmm nnm nmn mnn mmm nnn mnm nmm mmm
JAS. KING'S
SALE OF JEWELLERY
FOR ONE MONTH
mmm nnn mmn nmm mnn mmm nnm mnm nnn mmm nmn mnn mmm nnm nmm mnm nnn mmm mnn nmm mmm nnn mnm nmn mmm nnm mnn mmm nmm nnn mnm mmm nnm nmn mnn mmm nnn mnm nmm mmm nnm mnn mmm nmn nnn mnm mmm nnm nmm mnn mmm nnn mnm nmn mmm nnm mnn mmm nmm nnn mnm mmm nnm nmn mnn mmm nnn mnm nmm mmm
REMEMBER!
CHRISTMAS STOCK,
mmm nnn mmn nmm mnn mmm nnm mnm nnn mmm nmn mnn mmm nnm nmm mnm nnn mmm mnn nmm mmm nnn mnm nmn mmm nnm mnn mmm nmm nnn mnm mmm nnm nmn mnn mmm nnn mnm nmm mmm nnm mnn mmm nmn nnn mnm mmm nnm nmm mnn mmm nnn mnm nmn mmm nnm mnn mmm nmm nnn mnm mmm nnm nmn mnn mmm nnn mnm nmm mmm
mmm nnn mmn nmm mnn mmm nnm mnm nnn mmm nmn mnn mmm nnm nmm mnm nnn mmm mnn nmm mmm nnn mnm nmn mmm nnm mnn mmm nmm nnn mnm mmm nnm nmn mnn mmm nnn mnm nmm mmm nnm mnn mmm nmn nnn mnm mmm nnm nmm mnn mmm nnn mnm nmn mmm nnm mnn mmm nmm nnn mnm mmm nnm nmn mnn mmm nnn mnm nmm mmm
JAS. KING,
MASTERTON STEAM SASH AND DOOR FACTORY, PLANING & MOULDING MILL.
WILLIAMS & BARKER,
mmm nnn mmn nmm mnn mmm nnm mnm nnn mmm nmn mnn mmm nnm nmm mnm nnn mmm mnn nmm mmm nnn mnm nmn mmm nnm mnn mmm nmm nnn mnm mmm nnm nmn mnn mmm nnn mnm nmm mmm nnm mnn mmm nmn nnn mnm mmm nnm nmm mnn mmm nnn mnm nmn mmm nnm mnn mmm nmm nnn mnm mmm nnm nmn mnn mmm nnn mnm nmm mmm
mmm nnn mmn nmm mnn mmm nnm mnm nnn mmm nmn mnn mmm nnm nmm mnm nnn mmm mnn nmm mmm nnn mnm nmn mmm nnm mnn mmm nmm nnn mnm mmm nnm nmn mnn mmm nnn mnm nmm mmm nnm mnn mmm nmn nnn mnm mmm nnm nmm mnn mmm nnn mnm nmn mmm nnm mnn mmm nmm nnn mnm mmm nnm nmn mnn mmm nnn mnm nmm mmm
WILLIAMS & BARKER.
W. LITTLEJOHN & SON'S
mmm nnn mmn nmm mnn mmm nnm mnm nnn mmm nmn mnn mmm nnm nmm mnm nnn mmm mnn nmm mmm nnn mnm nmn mmm nnm mnn mmm nmm nnn mnm mmm nnm nmn mnn mmm nnn mnm nmm mmm nnm mnn mmm nmn nnn mnm mmm nnm nmm mnn mmm nnn mnm nmn mmm nnm mnn mmm nmm nnn mnm mmm nnm nmn mnn mmm nnn mnm nmm mmm
ADVERTISING SCALE
mmm nnn mmn nmm mnn mmm nnm mnm nnn mmm nmn mnn mmm nnm nmm mnm nnn mmm mnn nmm mmm nnn mnm nmn mmm nnm mnn mmm nmm nnn mnm mmm nnm nmn mnn mmm nnn mnm nmm mmm nnm mnn mmm nmn nnn mnm mmm nnm nmm mnn mmm nnn mnm nmn mmm nnm mnn mmm nmm nnn mnm mmm nnm nmn mnn mmm nnn mnm nmm mmm
mmm nnn mmn nmm mnn mmm nnm mnm nnn mmm nmn mnn mmm nnm nmm mnm nnn mmm mnn nmm mmm nnn mnm nmn mmm nnm mnn mmm nmm nnn mnm mmm nnm nmn mnn mmm nnn mnm nmm mmm nnm mnn mmm nmn nnn mnm mmm nnm nmm mnn mmm nnn mnm nmn mmm nnm mnn mmm nmm nnn mnm mmm nnm nmn mnn mmm nnn mnm nmm mmm
F. W. TEMPLE,
INDIAN TEA WAREHOUSE.
mmm nnn mmn nmm mnn mmm nnm mnm nnn mmm nmn mnn mmm nnm nmm mnm nnn mmm mnn nmm mmm nnn mnm nmn mmm nnm mnn mmm nmm nnn mnm mmm nnm nmn mnn mmm nnn mnm nmm mmm nnm mnn mmm nmn nnn mnm mmm nnm nmm mnn mmm nnn mnm nmn mmm nnm mnn mmm nmm nnn mnm mmm nnm nmn mnn mmm nnn mnm nmm mmm
mmm nnn mmn nmm mnn mmm nnm mnm nnn mmm nmn mnn mmm nnm nmm mnm nnn mmm mnn nmm mmm nnn mnm nmn mmm nnm mnn mmm nmm nnn mnm mmm nnm nmn mnn mmm nnn mnm nmm mmm nnm mnn mmm nmn nnn mnm mmm nnm nmm mnn mmm nnn mnm nmn mmm nnm mnn mmm nmm nnn mnm mmm nnm nmn mnn mmm nnn mnm nmm mmm
INSPECT MY STOCK BEFORE BUYING ELSEWHERE.
R. BROWN &
Sub-Agents for North British and Mercantile Insurance Company.
J. BIRRELL'S
ART NEEDLEWORK AND FANCY REPOSITORY,
mmm nnn mmn nmm mnn mmm nnm mnm nnn mmm nmn mnn mmm nnm nmm mnm nnn mmm mnn nmm mmm nnn mnm nmn mmm nnm mnn mmm nmm nnn mnm mmm nnm nmn mnn mmm nnn mnm nmm mmm nnm mnn mmm nmn nnn mnm mmm nnm nmm mnn mmm nnn mnm nmn mmm nnm mnn mmm nmm nnn mnm mmm nnm nmn mnn mmm nnn mnm nmm mmm
SHEEP FOR SALE.
2000
3500
2000
mmm nnn mmn nmm mnn mmm nnm mnm nnn mmm nmn mnn mmm nnm nmm mnm nnn mmm mnn nmm mmm nnn mnm nmn mmm nnm mnn mmm nmm nnn mnm mmm nnm nmn mnn mmm nnn mnm nmm mmm nnm mnn mmm nmn nnn mnm mmm nnm nmm mnn mmm nnn mnm nmn mmm nnm mnn mmm nmm nnn mnm mmm nnm nmn mnn mmm nnn mnm nmm mmm
Builders and Contractors
Brown and Rodgers.
mmm nnn mmn nmm mnn mmm nnm mnm nnn mmm nmn mnn mmm nnm nmm mnm nnn mmm mnn nmm mmm nnn mnm nmn mmm nnm mnn mmm nmm nnn mnm mmm nnm nmn mnn mmm nnn mnm nmm mmm nnm mnn mmm nmn nnn mnm mmm nnm nmm mnn mmm nnn mnm nmn mmm nnm mnn mmm nmm nnn mnm mmm nnm nmn mnn mmm nnn mnm nmm mmm
GEO. DENTON
mmm nnn mmn nmm mnn mmm nnm mnm nnn mmm nmn mnn mmm nnm nmm mnm nnn mmm mnn nmm mmm nnn mnm nmn mmm nnm mnn mmm nmm nnn mnm mmm nnm nmn mnn mmm nnn mnm nmm mmm nnm mnn mmm nmn nnn mnm mmm nnm nmm mnn mmm nnn mnm nmn mmm nnm mnn mmm nmm nnn mnm mmm nnm nmn mnn mmm nnn mnm nmm mmm
NATURE'S DESIGN
mmm nnn mmn nmm mnn mmm nnm mnm nnn mmm nmn mnn mmm nnm nmm mnm nnn mmm mnn nmm mmm nnn mnm nmn mmm nnm mnn mmm nmm nnn mnm mmm nnm nmn mnn mmm nnn mnm nmm mmm nnm mnn mmm nmn nnn mnm mmm nnm nmm mnn mmm nnn mnm nmn mmm nnm mnn mmm nmm nnn mnm mmm nnm nmn mnn mmm nnn mnm nmm mmm
NEW STOCK. NEW STOCK.
mmm nnn mmn nmm mnn mmm nnm mnm nnn mmm nmn mnn mmm nnm nmm mnm nnn mmm mnn nmm mmm nnn mnm nmn mmm nnm mnn mmm nmm nnn mnm mmm nnm nmn mnn mmm nnn mnm nmm mmm nnm mnn mmm nmn nnn mnm mmm nnm nmm mnn mmm nnn mnm nmn mmm nnm mnn mmm nmm nnn mnm mmm nnm nmn mnn mmm nnn mnm nmm mmm
Townsend & Cowper,
Saddle, Harness, and Collar Makers.
GEO. HASKELL,
PAINTER, PAPERHANGER, & GENERAL
House Decorator,
mmm nnn mmn nmm mnn mmm nnm mnm nnn mmm nmn mnn mmm nnm nmm mnm nnn mmm mnn nmm mmm nnn mnm nmn mmm nnm mnn mmm nmm nnn mnm mmm nnm nmn mnn mmm nnn mnm nmm mmm nnm mnn mmm nmn nnn mnm mmm nnm nmm mnn mmm nnn mnm nmn mmm nnm mnn mmm nmm nnn mnm mmm nnm nmn mnn mmm nnn mnm nmm mmm
INCUBATORS
mmm nnn mmn nmm mnn mmm nnm mnm nnn mmm nmn mnn mmm nnm nmm mnm nnn mmm mnn nmm mmm nnn mnm nmn mmm nnm mnn mmm nmm nnn mnm mmm nnm nmn mnn mmm nnn mnm nmm mmm nnm mnn mmm nmn nnn mnm mmm nnm nmm mnn mmm nnn mnm nmn mmm nnm mnn mmm nmm nnn mnm mmm nnm nmn mnn mmm nnn mnm nmm mmm
Printed and published by JOSEPH PAYTON under the style of J. PAYTON & Co. at their Registered Office, The Wairarapa Daily, Chapel-St., Masterton, this MONDAY, FEBRUARY 28, 1887.
